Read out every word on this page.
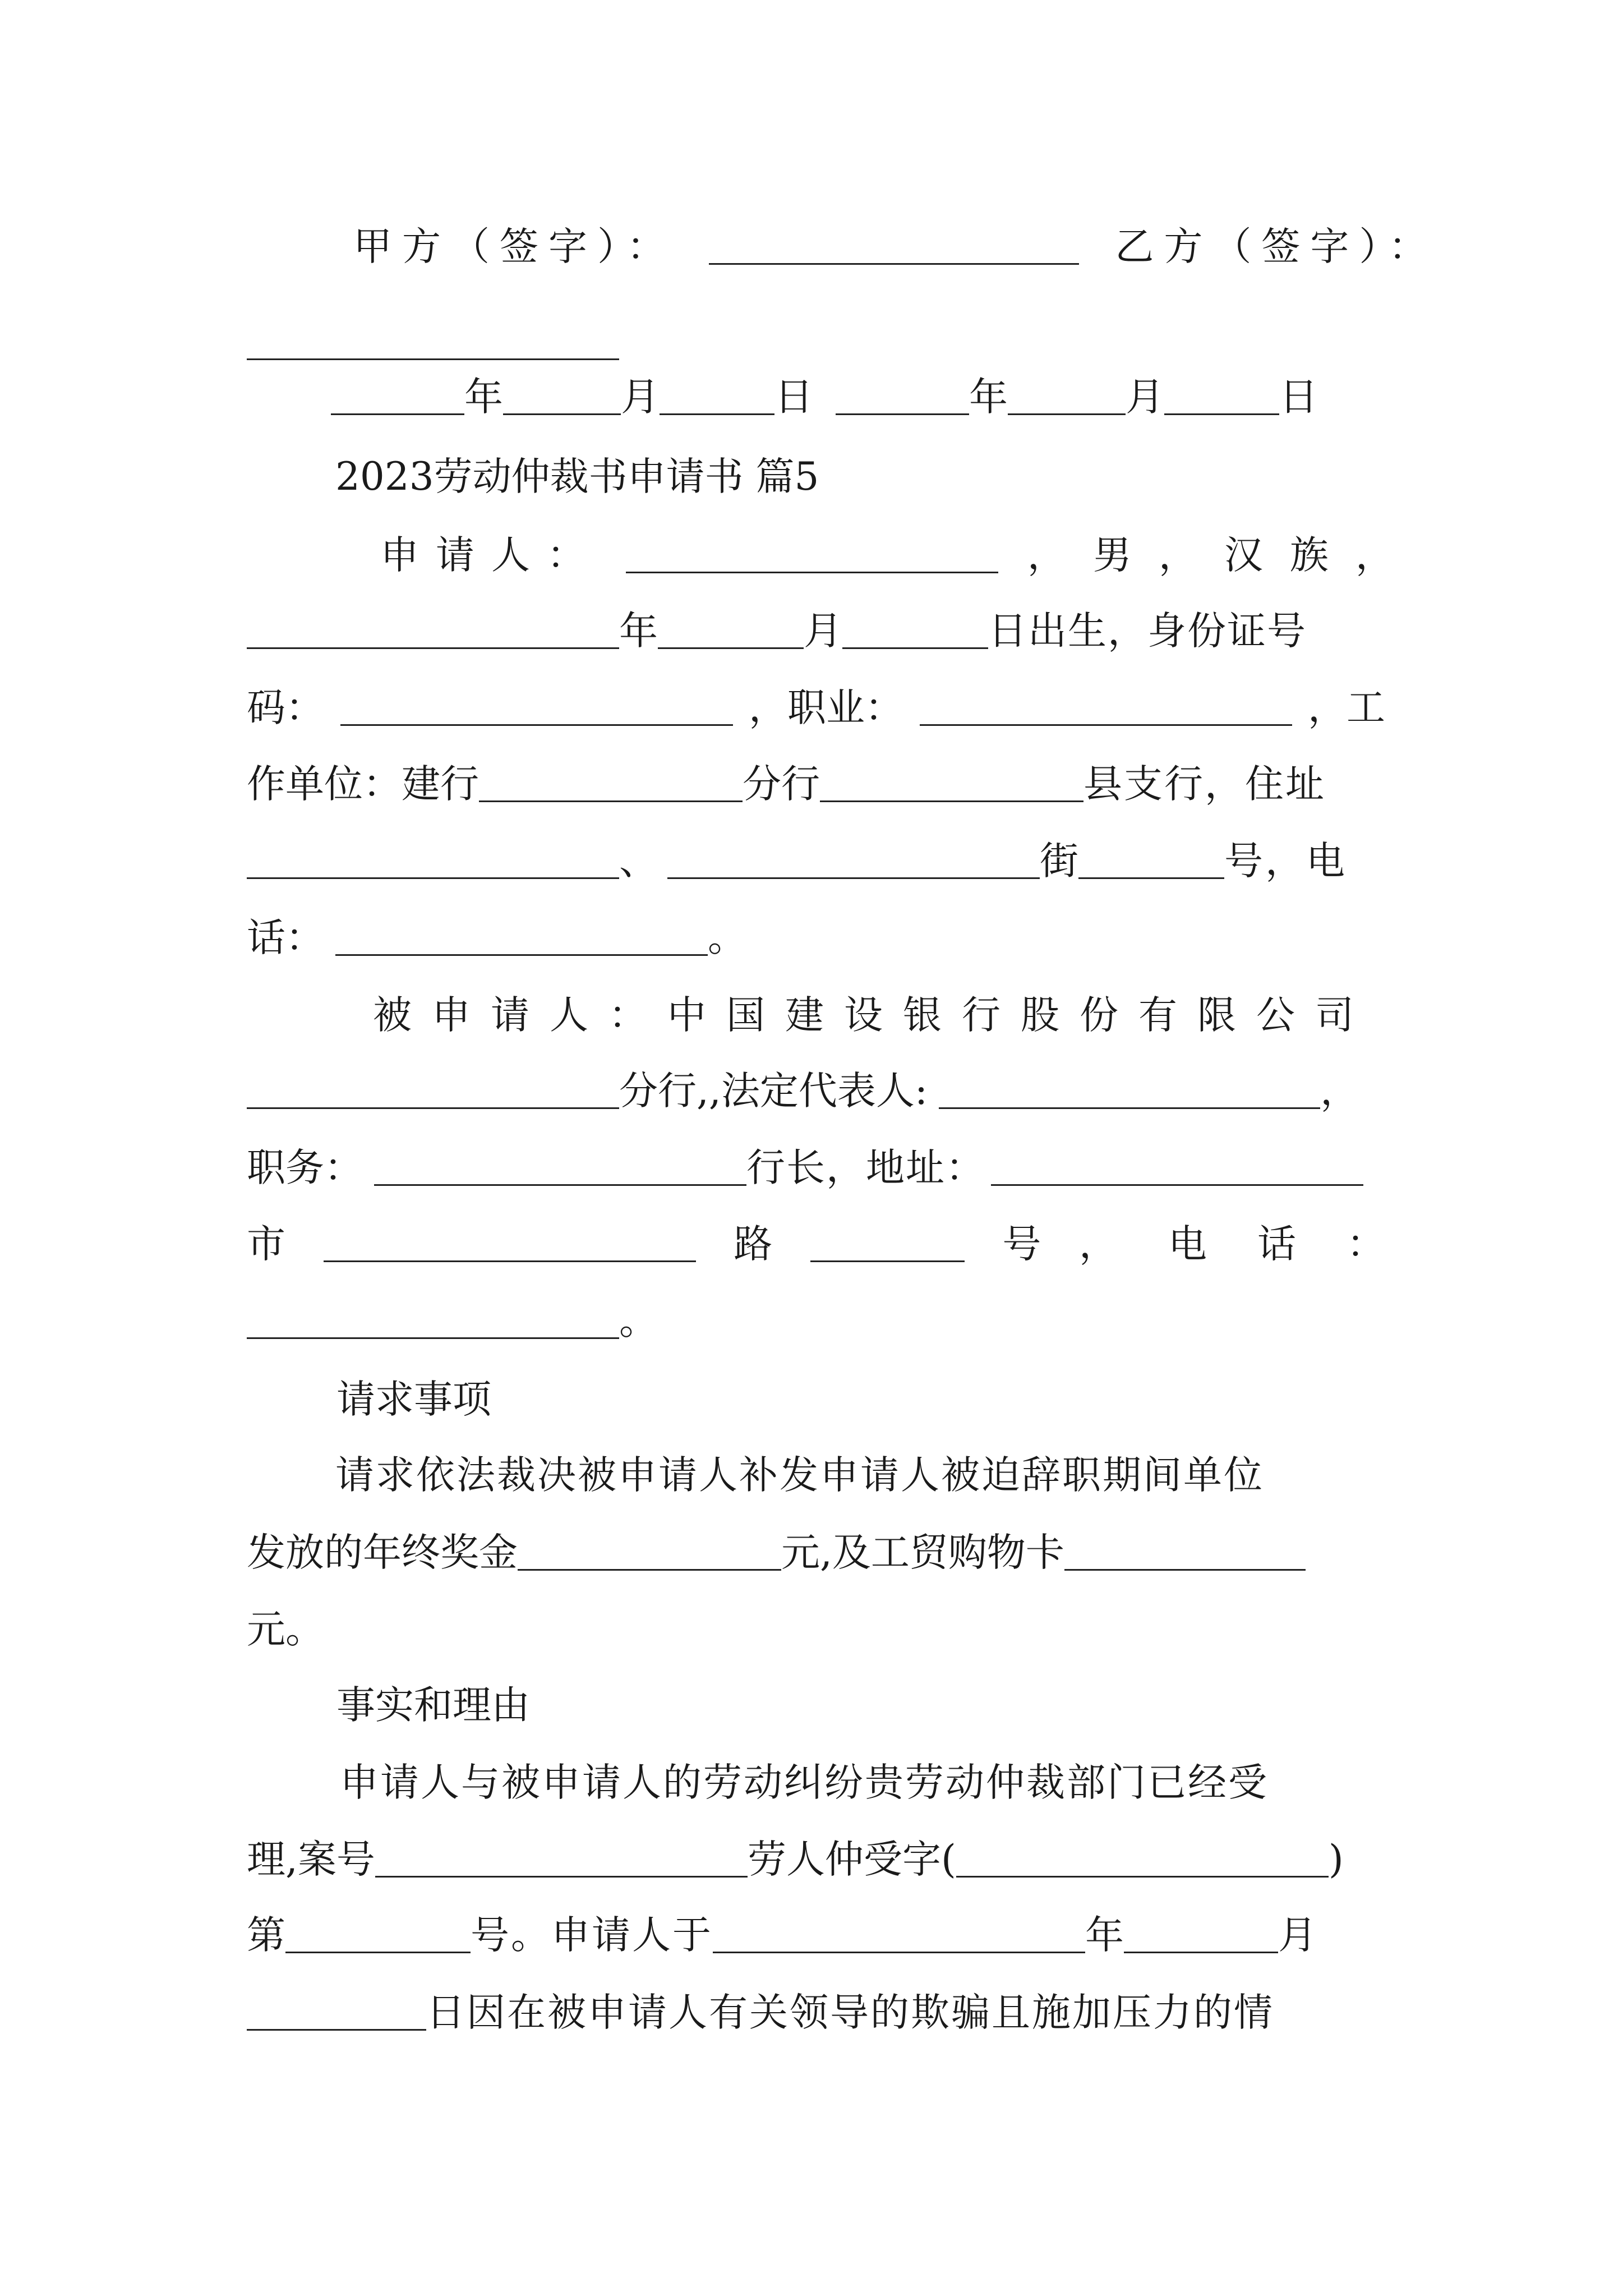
甲方（签字）：	乙方（签字）：
年	月	日	年	月	日
2023劳动仲裁书申请书 篇5
申请人：	，男，汉族，
年	月	日出生，身份证号
码：	，职业：	，工
作单位：建行	分行	县支行，住址
、	街	号，电
话：	。
被申请人：中国建设银行股份有限公司
分行,,法定代表人:	，
职务：	行长，地址：
市	路	号 ，电话：
。
请求事项
请求依法裁决被申请人补发申请人被迫辞职期间单位
发放的年终奖金	元,及工贸购物卡
元。
事实和理由
申请人与被申请人的劳动纠纷贵劳动仲裁部门已经受
理,案号	劳人仲受字(	)
第	号。申请人于	年	月
日因在被申请人有关领导的欺骗且施加压力的情
